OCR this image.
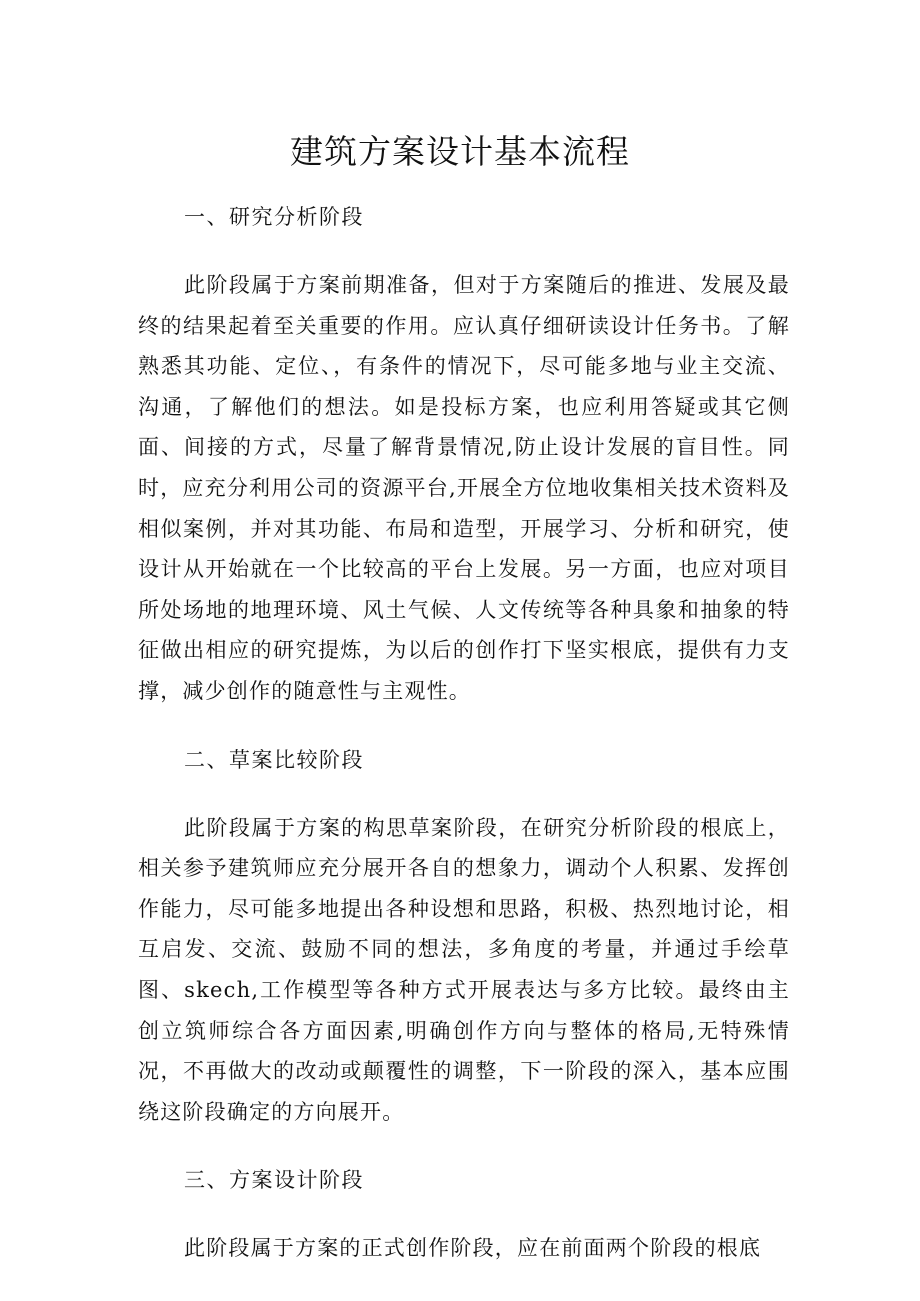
建筑方案设计基本流程
一、研究分析阶段

此阶段属于方案前期准备，但对于方案随后的推进、发展及最终的结果起着至关重要的作用。应认真仔细研读设计任务书。了解熟悉其功能、定位、，有条件的情况下，尽可能多地与业主交流、沟通，了解他们的想法。如是投标方案，也应利用答疑或其它侧面、间接的方式，尽量了解背景情况,防止设计发展的盲目性。同时，应充分利用公司的资源平台,开展全方位地收集相关技术资料及相似案例，并对其功能、布局和造型，开展学习、分析和研究，使设计从开始就在一个比较高的平台上发展。另一方面，也应对项目所处场地的地理环境、风土气候、人文传统等各种具象和抽象的特征做出相应的研究提炼，为以后的创作打下坚实根底，提供有力支撑，减少创作的随意性与主观性。

二、草案比较阶段

此阶段属于方案的构思草案阶段，在研究分析阶段的根底上，相关参予建筑师应充分展开各自的想象力，调动个人积累、发挥创作能力，尽可能多地提出各种设想和思路，积极、热烈地讨论，相互启发、交流、鼓励不同的想法，多角度的考量，并通过手绘草图、skech,工作模型等各种方式开展表达与多方比较。最终由主创立筑师综合各方面因素,明确创作方向与整体的格局,无特殊情况，不再做大的改动或颠覆性的调整，下一阶段的深入，基本应围绕这阶段确定的方向展开。

三、方案设计阶段

此阶段属于方案的正式创作阶段，应在前面两个阶段的根底
